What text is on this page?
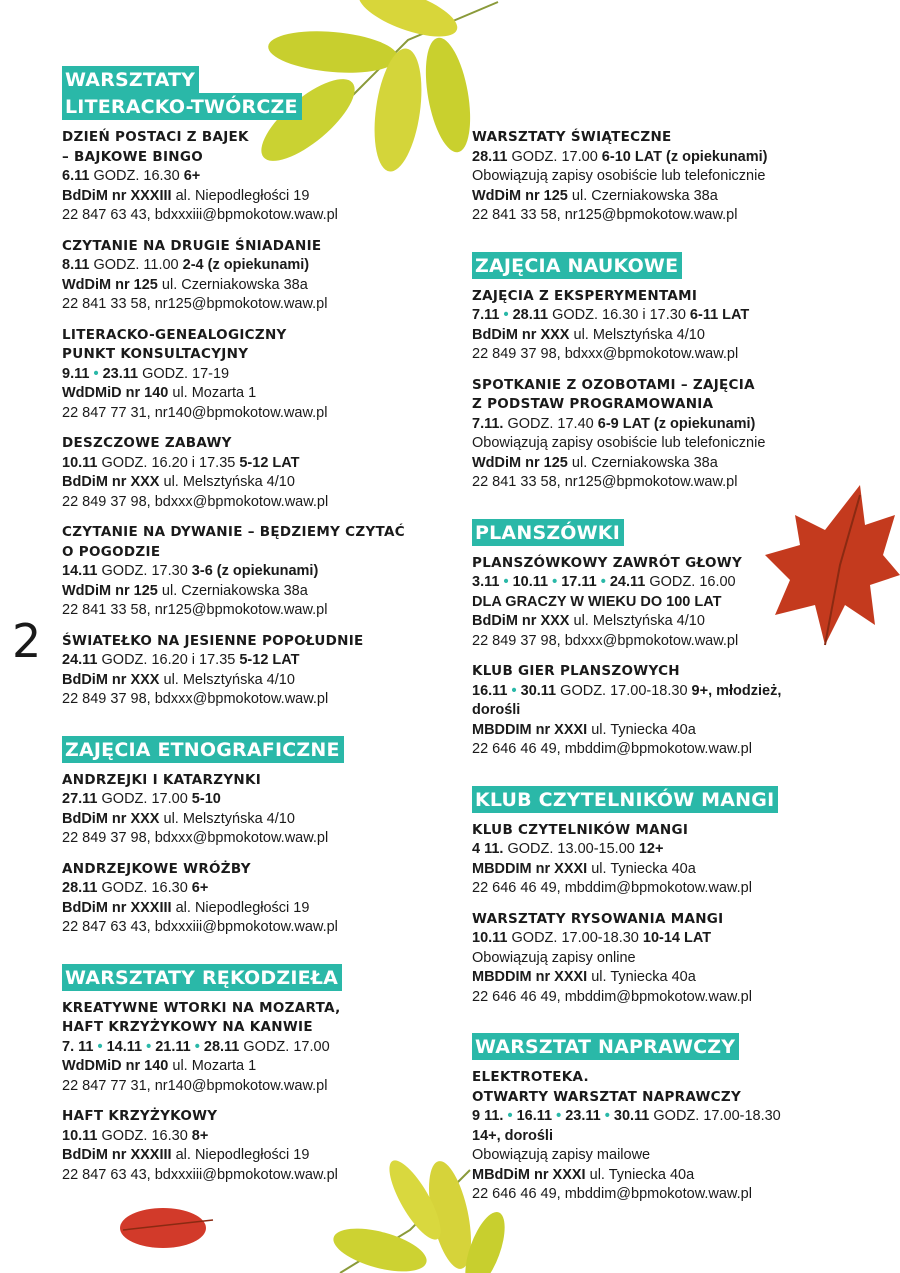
2
WARSZTATY
LITERACKO-TWÓRCZE
DZIEŃ POSTACI Z BAJEK
– BAJKOWE BINGO
6.11 GODZ. 16.30 6+
BdDiM nr XXXIII al. Niepodległości 19
22 847 63 43, bdxxxiii@bpmokotow.waw.pl
CZYTANIE NA DRUGIE ŚNIADANIE
8.11 GODZ. 11.00 2-4 (z opiekunami)
WdDiM nr 125 ul. Czerniakowska 38a
22 841 33 58, nr125@bpmokotow.waw.pl
LITERACKO-GENEALOGICZNY
PUNKT KONSULTACYJNY
9.11 • 23.11 GODZ. 17-19
WdDMiD nr 140 ul. Mozarta 1
22 847 77 31, nr140@bpmokotow.waw.pl
DESZCZOWE ZABAWY
10.11 GODZ. 16.20 i 17.35 5-12 LAT
BdDiM nr XXX ul. Melsztyńska 4/10
22 849 37 98, bdxxx@bpmokotow.waw.pl
CZYTANIE NA DYWANIE – BĘDZIEMY CZYTAĆ
O POGODZIE
14.11 GODZ. 17.30 3-6 (z opiekunami)
WdDiM nr 125 ul. Czerniakowska 38a
22 841 33 58, nr125@bpmokotow.waw.pl
ŚWIATEŁKO NA JESIENNE POPOŁUDNIE
24.11 GODZ. 16.20 i 17.35 5-12 LAT
BdDiM nr XXX ul. Melsztyńska 4/10
22 849 37 98, bdxxx@bpmokotow.waw.pl
ZAJĘCIA ETNOGRAFICZNE
ANDRZEJKI I KATARZYNKI
27.11 GODZ. 17.00 5-10
BdDiM nr XXX ul. Melsztyńska 4/10
22 849 37 98, bdxxx@bpmokotow.waw.pl
ANDRZEJKOWE WRÓŻBY
28.11 GODZ. 16.30 6+
BdDiM nr XXXIII al. Niepodległości 19
22 847 63 43, bdxxxiii@bpmokotow.waw.pl
WARSZTATY RĘKODZIEŁA
KREATYWNE WTORKI NA MOZARTA,
HAFT KRZYŻYKOWY NA KANWIE
7. 11 • 14.11 • 21.11 • 28.11 GODZ. 17.00
WdDMiD nr 140 ul. Mozarta 1
22 847 77 31, nr140@bpmokotow.waw.pl
HAFT KRZYŻYKOWY
10.11 GODZ. 16.30 8+
BdDiM nr XXXIII al. Niepodległości 19
22 847 63 43, bdxxxiii@bpmokotow.waw.pl
WARSZTATY ŚWIĄTECZNE
28.11 GODZ. 17.00 6-10 LAT (z opiekunami)
Obowiązują zapisy osobiście lub telefonicznie
WdDiM nr 125 ul. Czerniakowska 38a
22 841 33 58, nr125@bpmokotow.waw.pl
ZAJĘCIA NAUKOWE
ZAJĘCIA Z EKSPERYMENTAMI
7.11 • 28.11 GODZ. 16.30 i 17.30 6-11 LAT
BdDiM nr XXX ul. Melsztyńska 4/10
22 849 37 98, bdxxx@bpmokotow.waw.pl
SPOTKANIE Z OZOBOTAMI – ZAJĘCIA
Z PODSTAW PROGRAMOWANIA
7.11. GODZ. 17.40 6-9 LAT (z opiekunami)
Obowiązują zapisy osobiście lub telefonicznie
WdDiM nr 125 ul. Czerniakowska 38a
22 841 33 58, nr125@bpmokotow.waw.pl
PLANSZÓWKI
PLANSZÓWKOWY ZAWRÓT GŁOWY
3.11 • 10.11 • 17.11 • 24.11 GODZ. 16.00
DLA GRACZY W WIEKU DO 100 LAT
BdDiM nr XXX ul. Melsztyńska 4/10
22 849 37 98, bdxxx@bpmokotow.waw.pl
KLUB GIER PLANSZOWYCH
16.11 • 30.11 GODZ. 17.00-18.30 9+, młodzież,
dorośli
MBDDIM nr XXXI ul. Tyniecka 40a
22 646 46 49, mbddim@bpmokotow.waw.pl
KLUB CZYTELNIKÓW MANGI
KLUB CZYTELNIKÓW MANGI
4 11. GODZ. 13.00-15.00 12+
MBDDIM nr XXXI ul. Tyniecka 40a
22 646 46 49, mbddim@bpmokotow.waw.pl
WARSZTATY RYSOWANIA MANGI
10.11 GODZ. 17.00-18.30 10-14 LAT
Obowiązują zapisy online
MBDDIM nr XXXI ul. Tyniecka 40a
22 646 46 49, mbddim@bpmokotow.waw.pl
WARSZTAT NAPRAWCZY
ELEKTROTEKA.
OTWARTY WARSZTAT NAPRAWCZY
9 11. • 16.11 • 23.11 • 30.11 GODZ. 17.00-18.30
14+, dorośli
Obowiązują zapisy mailowe
MBdDiM nr XXXI ul. Tyniecka 40a
22 646 46 49, mbddim@bpmokotow.waw.pl
